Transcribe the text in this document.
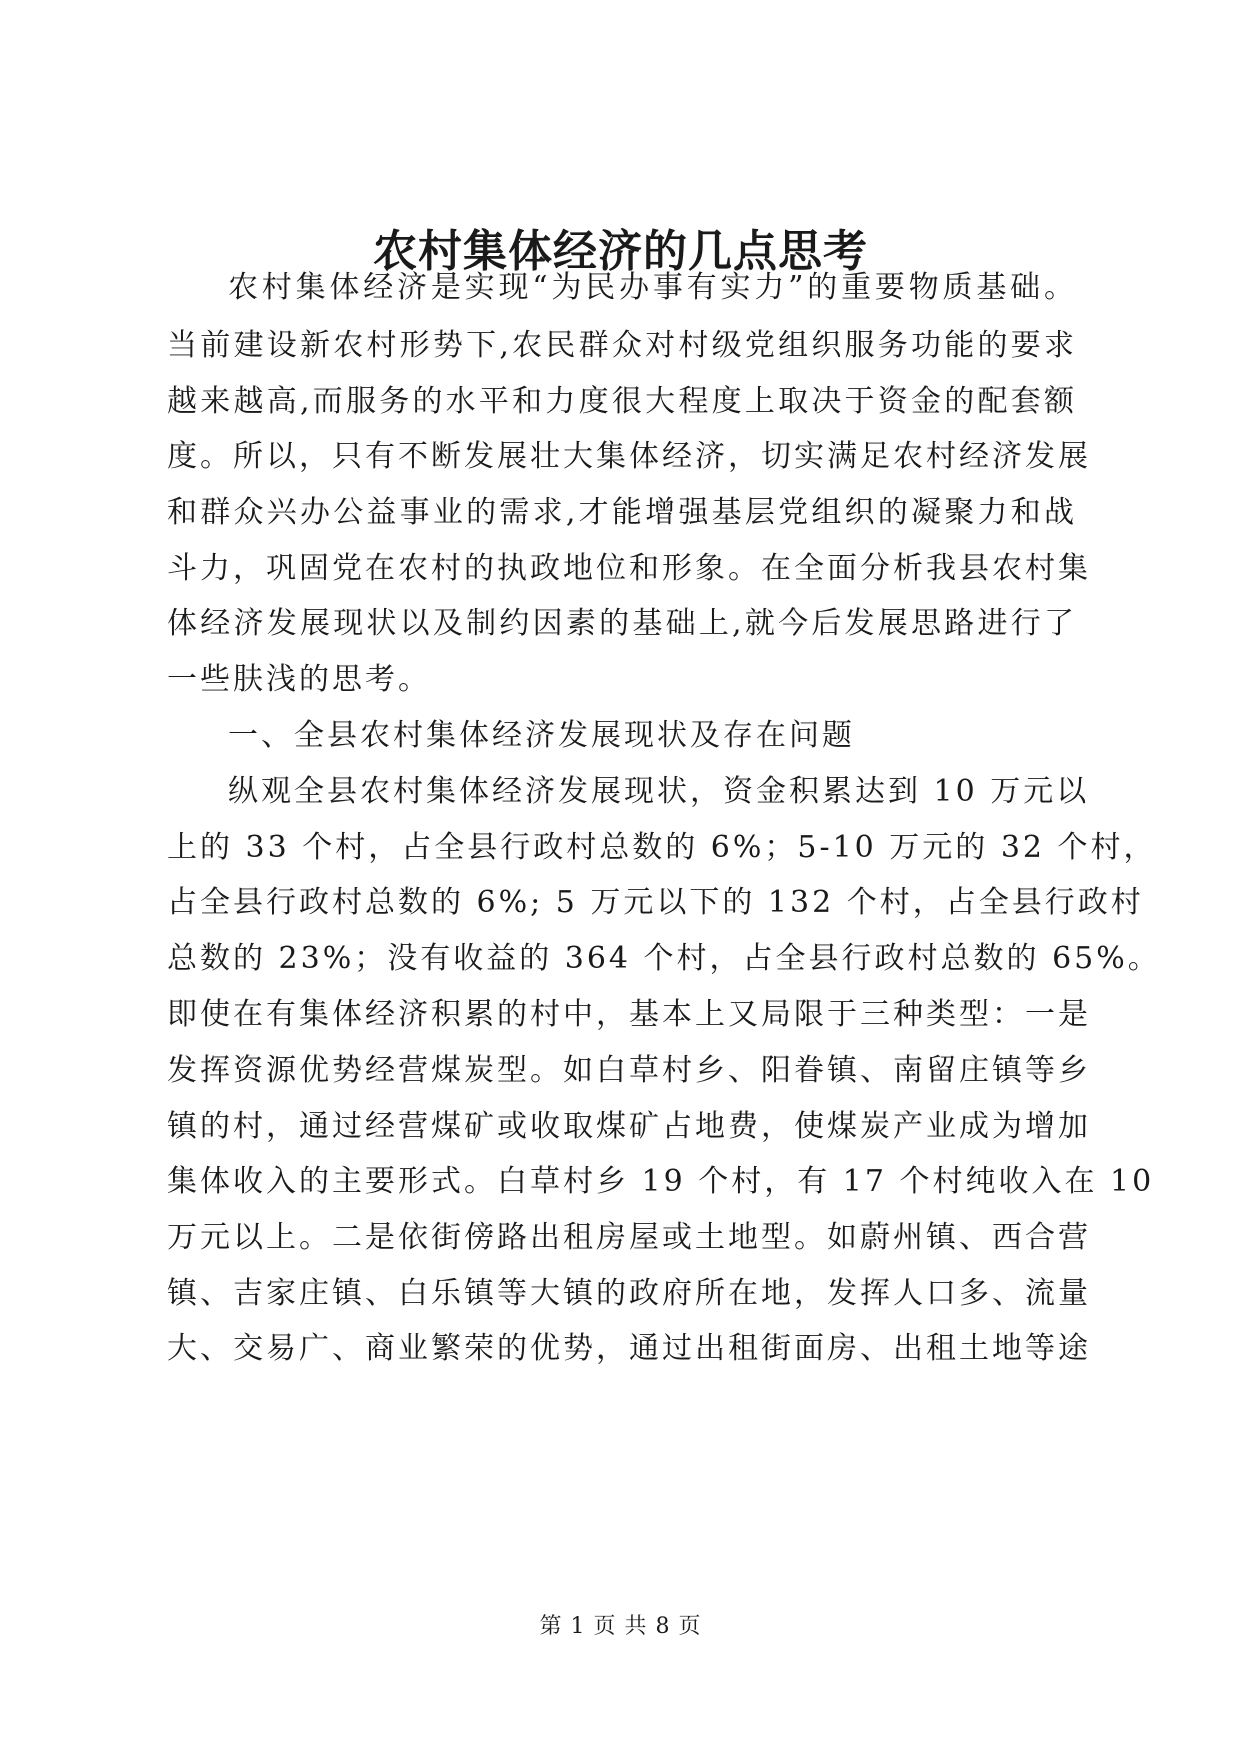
农村集体经济的几点思考

农村集体经济是实现“为民办事有实力”的重要物质基础。

当前建设新农村形势下,农民群众对村级党组织服务功能的要求

越来越高,而服务的水平和力度很大程度上取决于资金的配套额

度。所以，只有不断发展壮大集体经济，切实满足农村经济发展

和群众兴办公益事业的需求,才能增强基层党组织的凝聚力和战

斗力，巩固党在农村的执政地位和形象。在全面分析我县农村集

体经济发展现状以及制约因素的基础上,就今后发展思路进行了

一些肤浅的思考。

一、全县农村集体经济发展现状及存在问题

纵观全县农村集体经济发展现状，资金积累达到 10 万元以

上的 33 个村，占全县行政村总数的 6%；5-10 万元的 32 个村，

占全县行政村总数的 6%; 5 万元以下的 132 个村，占全县行政村

总数的 23%；没有收益的 364 个村，占全县行政村总数的 65%。

即使在有集体经济积累的村中，基本上又局限于三种类型：一是

发挥资源优势经营煤炭型。如白草村乡、阳眷镇、南留庄镇等乡

镇的村，通过经营煤矿或收取煤矿占地费，使煤炭产业成为增加

集体收入的主要形式。白草村乡 19 个村，有 17 个村纯收入在 10

万元以上。二是依街傍路出租房屋或土地型。如蔚州镇、西合营

镇、吉家庄镇、白乐镇等大镇的政府所在地，发挥人口多、流量

大、交易广、商业繁荣的优势，通过出租街面房、出租土地等途

第 1 页 共 8 页
